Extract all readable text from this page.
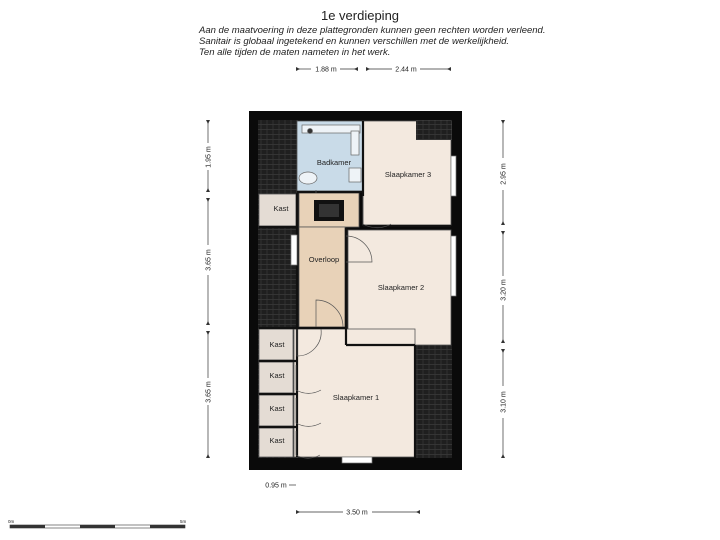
1e verdieping
Aan de maatvoering in deze plattegronden kunnen geen rechten worden verleend.
Sanitair is globaal ingetekend en kunnen verschillen met de werkelijkheid.
Ten alle tijden de maten nameten in het werk.
1.88 m	2.44 m
1.95 m
3.65 m
3.65 m
2.95 m
3.20 m
3.10 m
0.95 m
3.50 m
Badkamer
Slaapkamer 3
Kast
Overloop
Slaapkamer 2
Kast
Kast
Slaapkamer 1
Kast
Kast
0m	5m
